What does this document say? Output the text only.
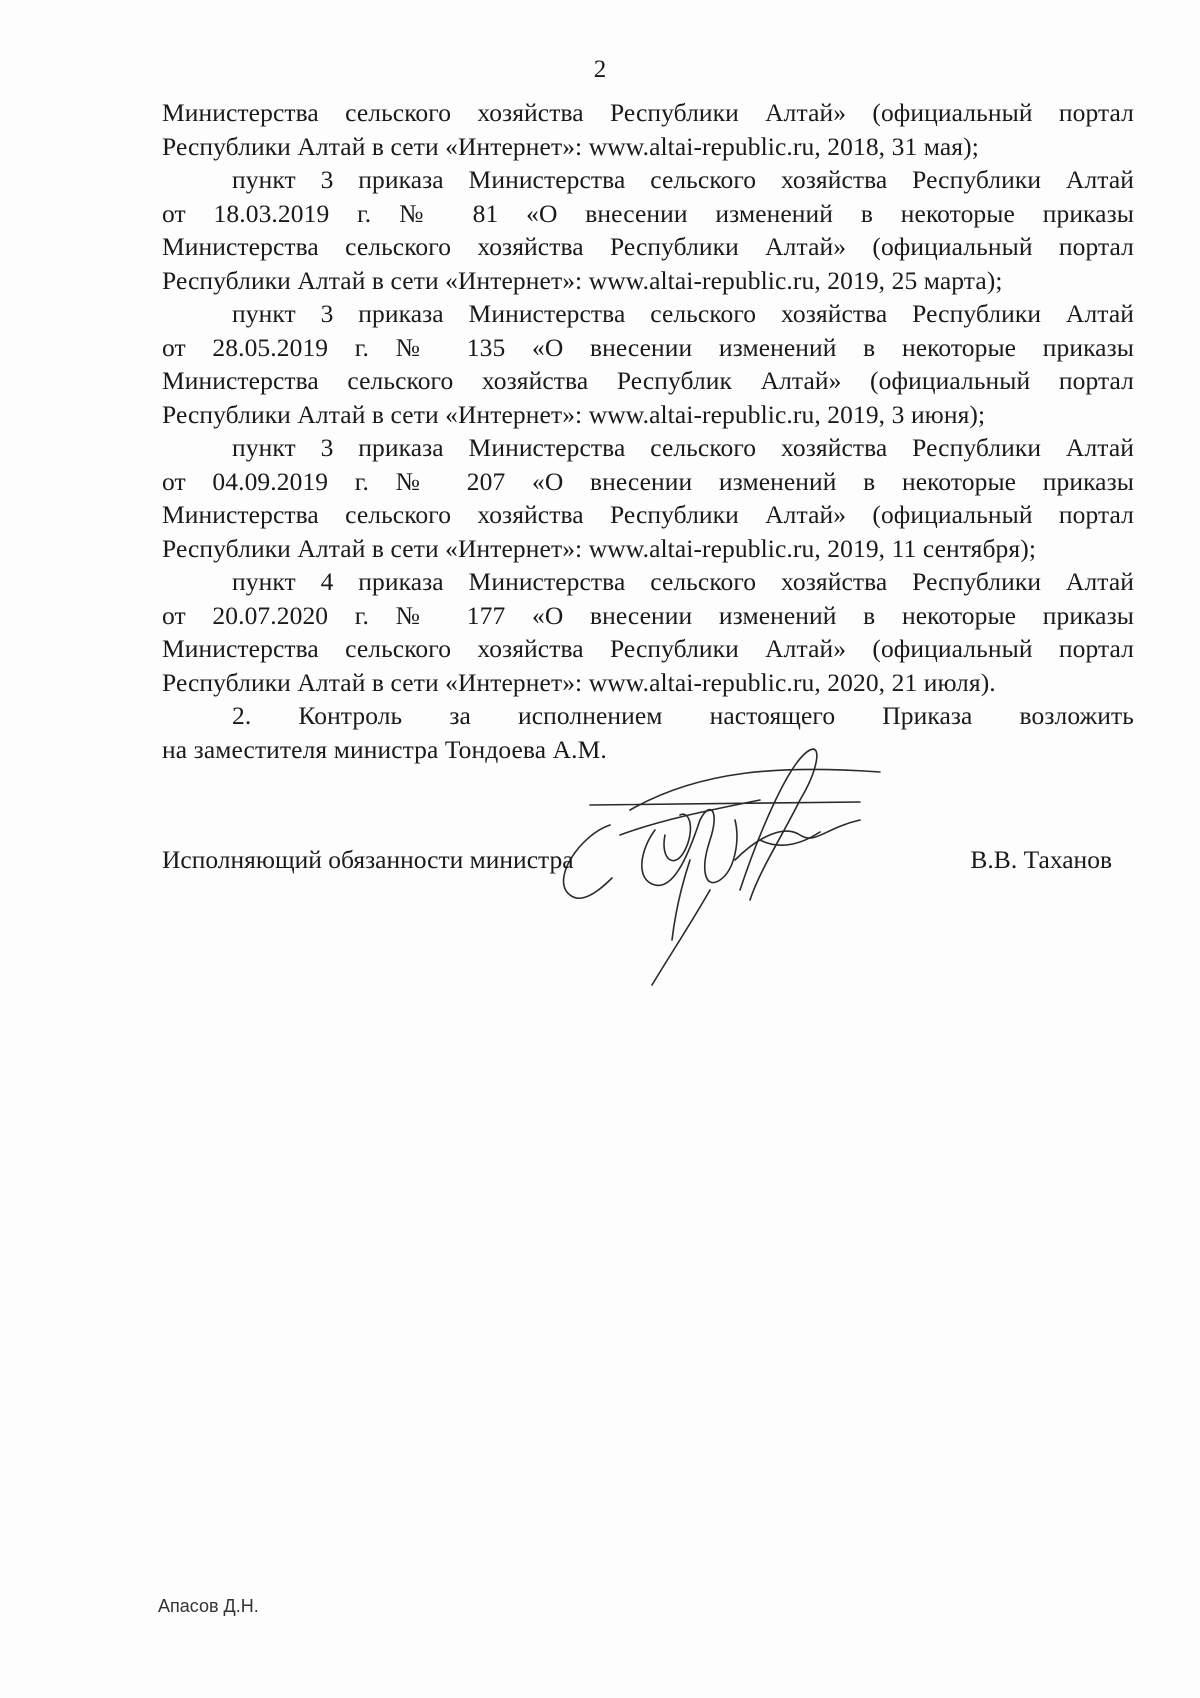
2
Министерства сельского хозяйства Республики Алтай» (официальный портал
Республики Алтай в сети «Интернет»: www.altai-republic.ru, 2018, 31 мая);
пункт 3 приказа Министерства сельского хозяйства Республики Алтай
от 18.03.2019 г. № 81 «О внесении изменений в некоторые приказы
Министерства сельского хозяйства Республики Алтай» (официальный портал
Республики Алтай в сети «Интернет»: www.altai-republic.ru, 2019, 25 марта);
пункт 3 приказа Министерства сельского хозяйства Республики Алтай
от 28.05.2019 г. № 135 «О внесении изменений в некоторые приказы
Министерства сельского хозяйства Республик Алтай» (официальный портал
Республики Алтай в сети «Интернет»: www.altai-republic.ru, 2019, 3 июня);
пункт 3 приказа Министерства сельского хозяйства Республики Алтай
от 04.09.2019 г. № 207 «О внесении изменений в некоторые приказы
Министерства сельского хозяйства Республики Алтай» (официальный портал
Республики Алтай в сети «Интернет»: www.altai-republic.ru, 2019, 11 сентября);
пункт 4 приказа Министерства сельского хозяйства Республики Алтай
от 20.07.2020 г. № 177 «О внесении изменений в некоторые приказы
Министерства сельского хозяйства Республики Алтай» (официальный портал
Республики Алтай в сети «Интернет»: www.altai-republic.ru, 2020, 21 июля).
2. Контроль за исполнением настоящего Приказа возложить
на заместителя министра Тондоева А.М.
Исполняющий обязанности министра	В.В. Таханов
Апасов Д.Н.
